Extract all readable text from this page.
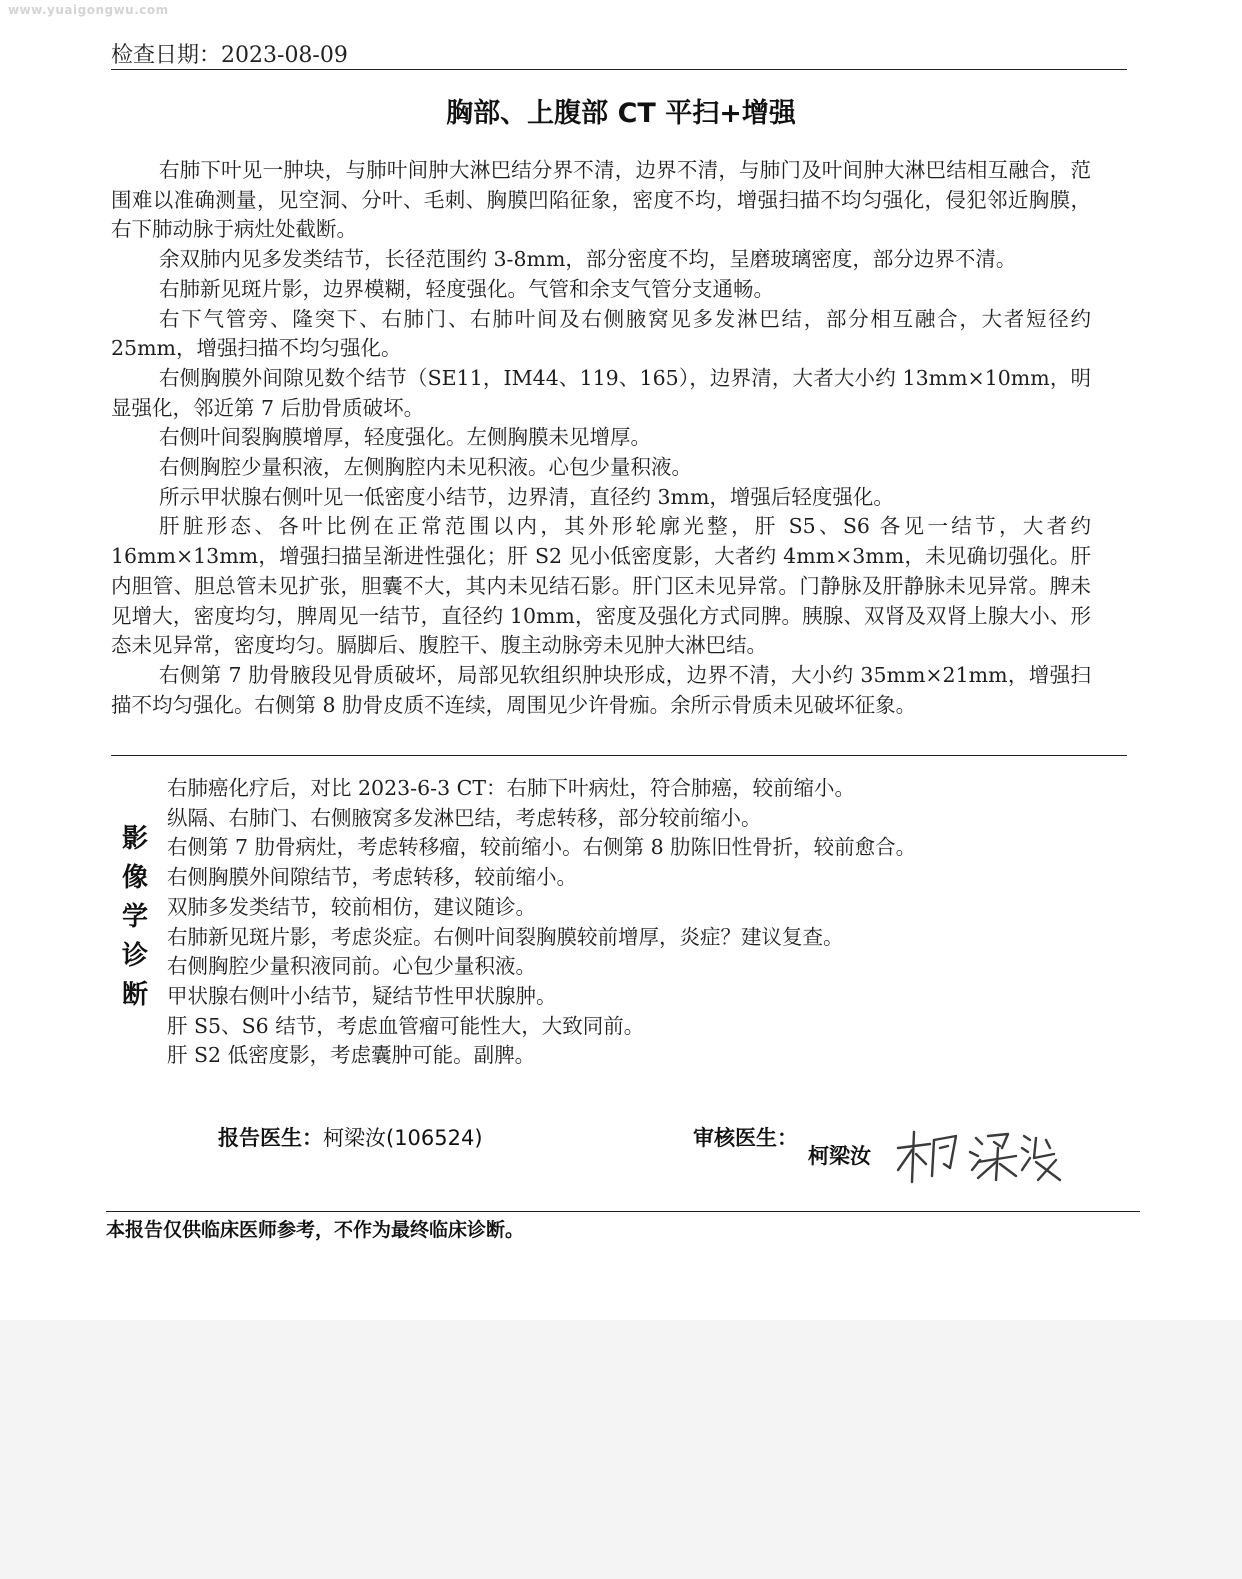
www.yuaigongwu.com
检查日期：2023-08-09
胸部、上腹部 CT 平扫+增强

右肺下叶见一肿块，与肺叶间肿大淋巴结分界不清，边界不清，与肺门及叶间肿大淋巴结相互融合，范围难以准确测量，见空洞、分叶、毛刺、胸膜凹陷征象，密度不均，增强扫描不均匀强化，侵犯邻近胸膜，右下肺动脉于病灶处截断。

余双肺内见多发类结节，长径范围约 3-8mm，部分密度不均，呈磨玻璃密度，部分边界不清。

右肺新见斑片影，边界模糊，轻度强化。气管和余支气管分支通畅。

右下气管旁、隆突下、右肺门、右肺叶间及右侧腋窝见多发淋巴结，部分相互融合，大者短径约 25mm，增强扫描不均匀强化。

右侧胸膜外间隙见数个结节（SE11，IM44、119、165），边界清，大者大小约 13mm×10mm，明显强化，邻近第 7 后肋骨质破坏。

右侧叶间裂胸膜增厚，轻度强化。左侧胸膜未见增厚。

右侧胸腔少量积液，左侧胸腔内未见积液。心包少量积液。

所示甲状腺右侧叶见一低密度小结节，边界清，直径约 3mm，增强后轻度强化。

肝脏形态、各叶比例在正常范围以内，其外形轮廓光整，肝 S5、S6 各见一结节，大者约 16mm×13mm，增强扫描呈渐进性强化；肝 S2 见小低密度影，大者约 4mm×3mm，未见确切强化。肝内胆管、胆总管未见扩张，胆囊不大，其内未见结石影。肝门区未见异常。门静脉及肝静脉未见异常。脾未见增大，密度均匀，脾周见一结节，直径约 10mm，密度及强化方式同脾。胰腺、双肾及双肾上腺大小、形态未见异常，密度均匀。膈脚后、腹腔干、腹主动脉旁未见肿大淋巴结。

右侧第 7 肋骨腋段见骨质破坏，局部见软组织肿块形成，边界不清，大小约 35mm×21mm，增强扫描不均匀强化。右侧第 8 肋骨皮质不连续，周围见少许骨痂。余所示骨质未见破坏征象。

影
像
学
诊
断

右肺癌化疗后，对比 2023-6-3 CT：右肺下叶病灶，符合肺癌，较前缩小。

纵隔、右肺门、右侧腋窝多发淋巴结，考虑转移，部分较前缩小。

右侧第 7 肋骨病灶，考虑转移瘤，较前缩小。右侧第 8 肋陈旧性骨折，较前愈合。

右侧胸膜外间隙结节，考虑转移，较前缩小。

双肺多发类结节，较前相仿，建议随诊。

右肺新见斑片影，考虑炎症。右侧叶间裂胸膜较前增厚，炎症？建议复查。

右侧胸腔少量积液同前。心包少量积液。

甲状腺右侧叶小结节，疑结节性甲状腺肿。

肝 S5、S6 结节，考虑血管瘤可能性大，大致同前。

肝 S2 低密度影，考虑囊肿可能。副脾。

报告医生：柯梁汝(106524)	审核医生：
柯梁汝
本报告仅供临床医师参考，不作为最终临床诊断。
